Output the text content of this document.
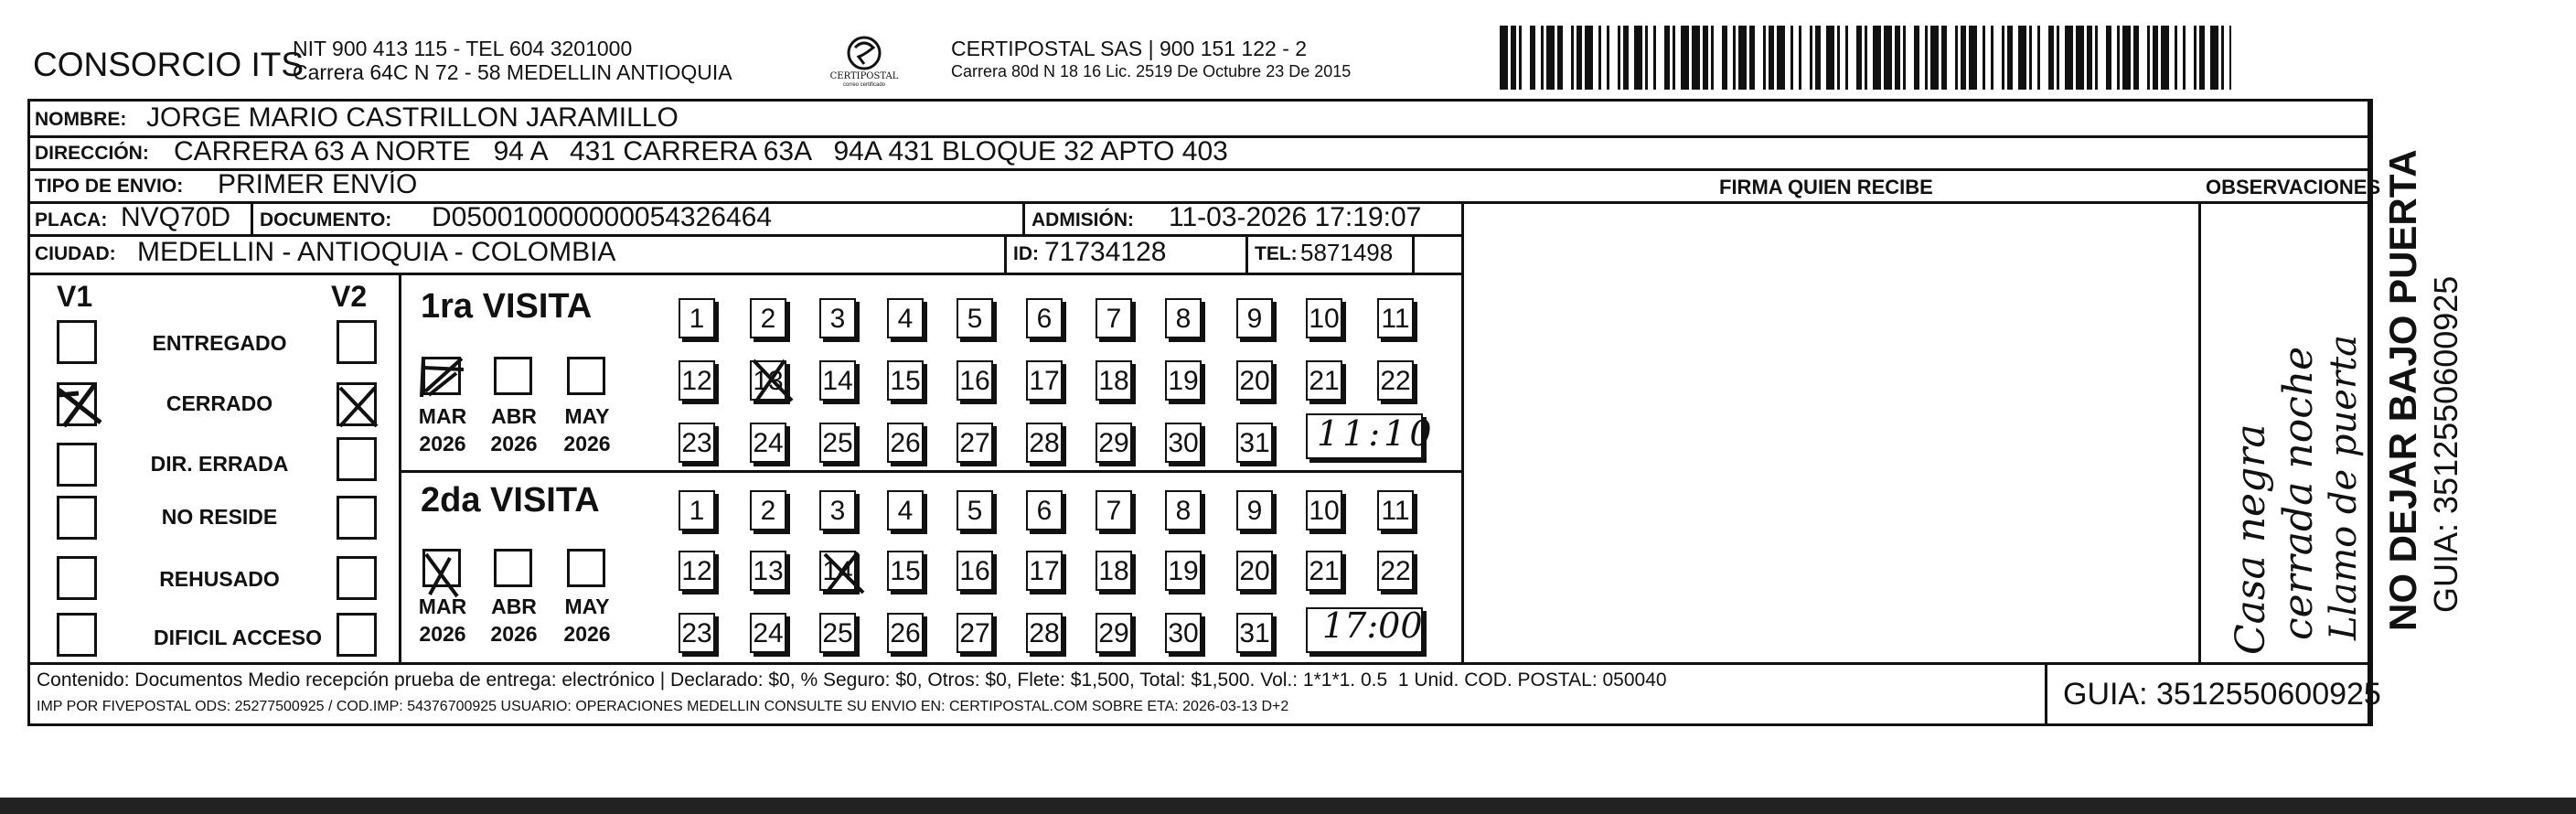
CONSORCIO ITS
NIT 900 413 115 - TEL 604 3201000
Carrera 64C N 72 - 58 MEDELLIN ANTIOQUIA	CERTIPOSTAL
correo certificado
CERTIPOSTAL SAS | 900 151 122 - 2
Carrera 80d N 18 16 Lic. 2519 De Octubre 23 De 2015
NOMBRE: JORGE MARIO CASTRILLON JARAMILLO
DIRECCIÓN: CARRERA 63 A NORTE   94 A   431 CARRERA 63A   94A 431 BLOQUE 32 APTO 403
TIPO DE ENVIO: PRIMER ENVÍO
PLACA: NVQ70D DOCUMENTO: D050010000000054326464	ADMISIÓN: 11-03-2026 17:19:07
CIUDAD: MEDELLIN - ANTIOQUIA - COLOMBIA	ID: 71734128	TEL: 5871498
V1	V2
ENTREGADO
CERRADO
DIR. ERRADA
NO RESIDE
REHUSADO
DIFICIL ACCESO
1ra VISITA
2da VISITA
MAR ABR MAY
2026 2026 2026
MAR ABR MAY
2026 2026 2026
1	2	3	4	5	6	7	8	9	10 11
12 13 14 15 16 17 18 19 20 21 22
23 24 25 26 27 28 29 30 31
1	2	3	4	5	6	7	8	9	10 11
12 13 14 15 16 17 18 19 20 21 22
23 24 25 26 27 28 29 30 31
11:10
17:00
FIRMA QUIEN RECIBE	OBSERVACIONES
Casa negra cerrada noche Llamo de puerta NO DEJAR BAJO PUERTA GUIA: 3512550600925
Contenido: Documentos Medio recepción prueba de entrega: electrónico | Declarado: $0, % Seguro: $0, Otros: $0, Flete: $1,500, Total: $1,500. Vol.: 1*1*1. 0.5  1 Unid. COD. POSTAL: 050040
IMP POR FIVEPOSTAL ODS: 25277500925 / COD.IMP: 54376700925 USUARIO: OPERACIONES MEDELLIN CONSULTE SU ENVIO EN: CERTIPOSTAL.COM SOBRE ETA: 2026-03-13 D+2	GUIA: 3512550600925
